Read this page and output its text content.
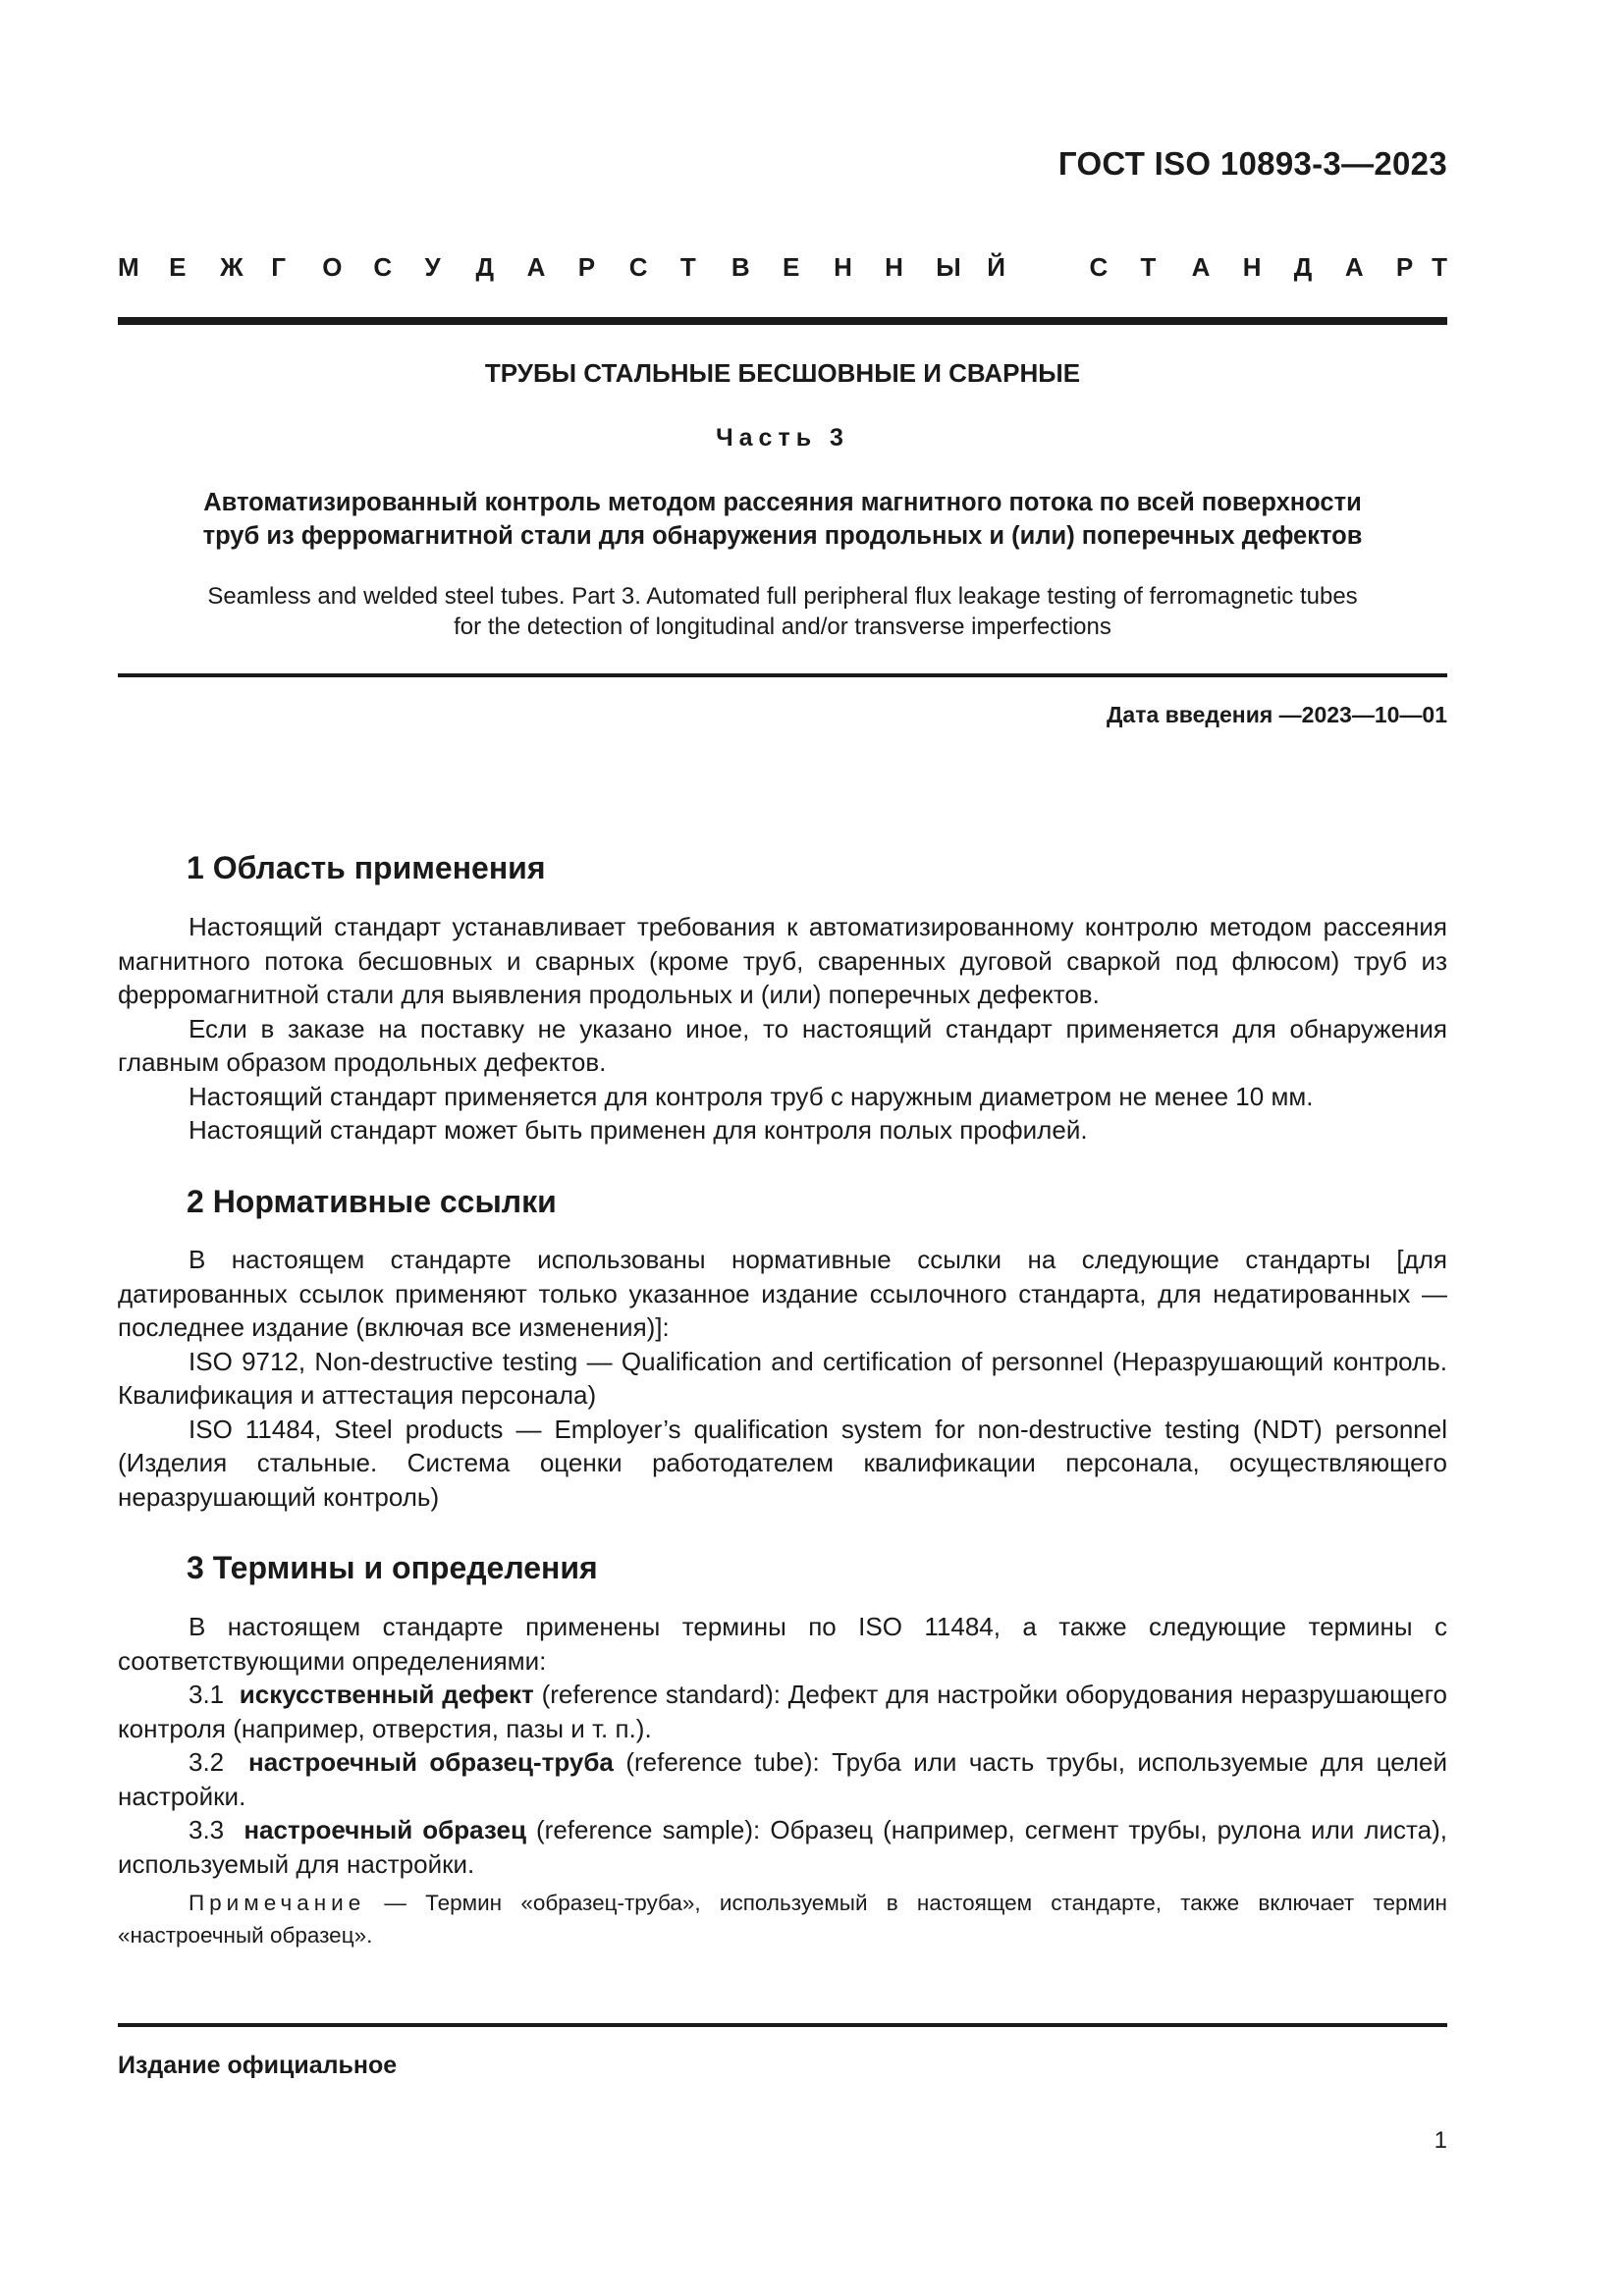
ГОСТ ISO 10893-3—2023
М Е Ж Г О С У Д А Р С Т В Е Н Н Ы Й	С Т А Н Д А Р Т
ТРУБЫ СТАЛЬНЫЕ БЕСШОВНЫЕ И СВАРНЫЕ
Часть 3
Автоматизированный контроль методом рассеяния магнитного потока по всей поверхности
труб из ферромагнитной стали для обнаружения продольных и (или) поперечных дефектов
Seamless and welded steel tubes. Part 3. Automated full peripheral flux leakage testing of ferromagnetic tubes
for the detection of longitudinal and/or transverse imperfections
Дата введения —2023—10—01
1 Область применения

Настоящий стандарт устанавливает требования к автоматизированному контролю методом рассеяния магнитного потока бесшовных и сварных (кроме труб, сваренных дуговой сваркой под флюсом) труб из ферромагнитной стали для выявления продольных и (или) поперечных дефектов.

Если в заказе на поставку не указано иное, то настоящий стандарт применяется для обнаружения главным образом продольных дефектов.

Настоящий стандарт применяется для контроля труб с наружным диаметром не менее 10 мм.

Настоящий стандарт может быть применен для контроля полых профилей.

2 Нормативные ссылки

В настоящем стандарте использованы нормативные ссылки на следующие стандарты [для датированных ссылок применяют только указанное издание ссылочного стандарта, для недатированных — последнее издание (включая все изменения)]:

ISO 9712, Non-destructive testing — Qualification and certification of personnel (Неразрушающий контроль. Квалификация и аттестация персонала)

ISO 11484, Steel products — Employer’s qualification system for non-destructive testing (NDT) personnel (Изделия стальные. Система оценки работодателем квалификации персонала, осуществляющего неразрушающий контроль)

3 Термины и определения

В настоящем стандарте применены термины по ISO 11484, а также следующие термины с соответствующими определениями:

3.1 искусственный дефект (reference standard): Дефект для настройки оборудования неразрушающего контроля (например, отверстия, пазы и т. п.).

3.2 настроечный образец-труба (reference tube): Труба или часть трубы, используемые для целей настройки.

3.3 настроечный образец (reference sample): Образец (например, сегмент трубы, рулона или листа), используемый для настройки.

Примечание — Термин «образец-труба», используемый в настоящем стандарте, также включает термин «настроечный образец».

Издание официальное
1
